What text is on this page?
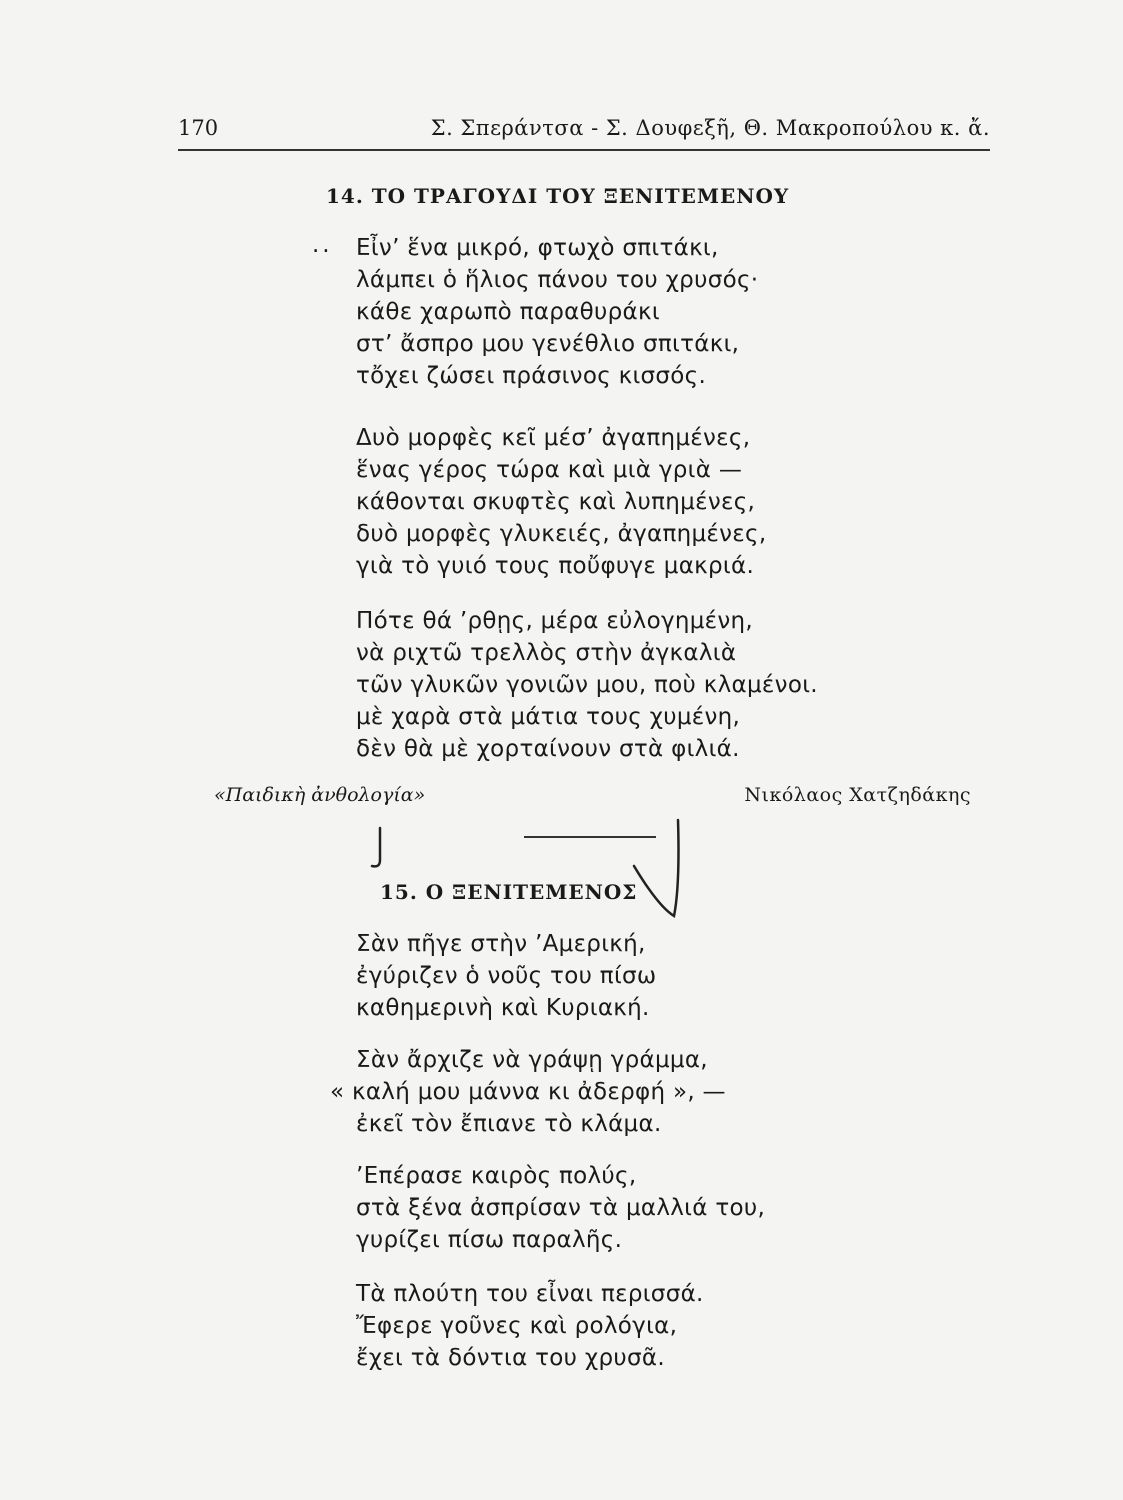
170	Σ. Σπεράντσα - Σ. Δουφεξῆ, Θ. Μακροπούλου κ. ἄ.
14. ΤΟ ΤΡΑΓΟΥΔΙ ΤΟΥ ΞΕΝΙΤΕΜΕΝΟΥ
.. Εἶν’ ἕνα μικρό, φτωχὸ σπιτάκι,
λάμπει ὁ ἥλιος πάνου του χρυσός·
κάθε χαρωπὸ παραθυράκι
στ’ ἄσπρο μου γενέθλιο σπιτάκι,
τὄχει ζώσει πράσινος κισσός.
Δυὸ μορφὲς κεῖ μέσ’ ἀγαπημένες,
ἕνας γέρος τώρα καὶ μιὰ γριὰ —
κάθονται σκυφτὲς καὶ λυπημένες,
δυὸ μορφὲς γλυκειές, ἀγαπημένες,
γιὰ τὸ γυιό τους ποὔφυγε μακριά.
Πότε θά ’ρθῃς, μέρα εὐλογημένη,
νὰ ριχτῶ τρελλὸς στὴν ἀγκαλιὰ
τῶν γλυκῶν γονιῶν μου, ποὺ κλαμένοι.
μὲ χαρὰ στὰ μάτια τους χυμένη,
δὲν θὰ μὲ χορταίνουν στὰ φιλιά.
«Παιδικὴ ἀνθολογία»	Νικόλαος Χατζηδάκης
15. Ο ΞΕΝΙΤΕΜΕΝΟΣ
Σὰν πῆγε στὴν ’Αμερική,
ἐγύριζεν ὁ νοῦς του πίσω
καθημερινὴ καὶ Κυριακή.
Σὰν ἄρχιζε νὰ γράψῃ γράμμα,
« καλή μου μάννα κι ἀδερφή », —
ἐκεῖ τὸν ἔπιανε τὸ κλάμα.
’Επέρασε καιρὸς πολύς,
στὰ ξένα ἀσπρίσαν τὰ μαλλιά του,
γυρίζει πίσω παραλῆς.
Τὰ πλούτη του εἶναι περισσά.
Ἔφερε γοῦνες καὶ ρολόγια,
ἔχει τὰ δόντια του χρυσᾶ.
